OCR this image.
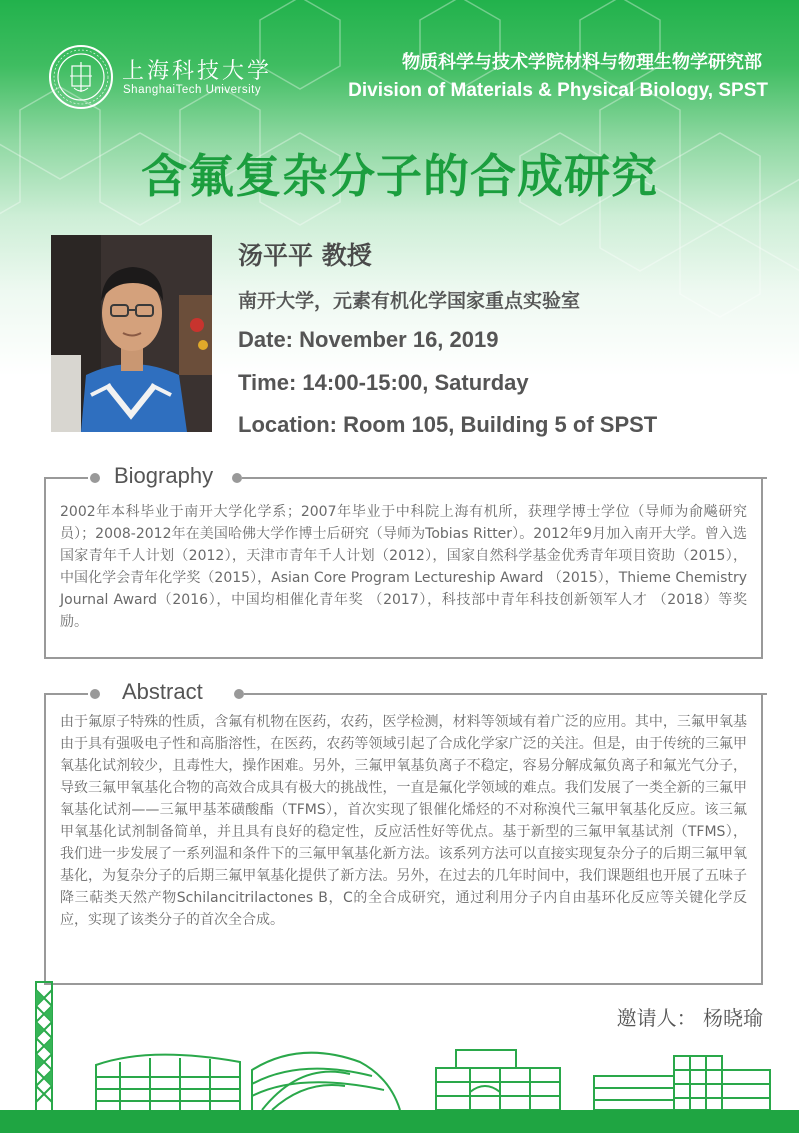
上海科技大学
ShanghaiTech University
物质科学与技术学院材料与物理生物学研究部
Division of Materials & Physical Biology, SPST
含氟复杂分子的合成研究
汤平平 教授
南开大学，元素有机化学国家重点实验室
Date: November 16, 2019
Time: 14:00-15:00, Saturday
Location: Room 105, Building 5 of SPST
Biography

2002年本科毕业于南开大学化学系；2007年毕业于中科院上海有机所，获理学博士学位（导师为俞飚研究员）；2008-2012年在美国哈佛大学作博士后研究（导师为Tobias Ritter）。2012年9月加入南开大学。曾入选国家青年千人计划（2012），天津市青年千人计划（2012），国家自然科学基金优秀青年项目资助（2015），中国化学会青年化学奖（2015），Asian Core Program Lectureship Award （2015），Thieme Chemistry Journal Award（2016），中国均相催化青年奖 （2017），科技部中青年科技创新领军人才 （2018）等奖励。

Abstract

由于氟原子特殊的性质，含氟有机物在医药，农药，医学检测，材料等领域有着广泛的应用。其中，三氟甲氧基由于具有强吸电子性和高脂溶性，在医药，农药等领域引起了合成化学家广泛的关注。但是，由于传统的三氟甲氧基化试剂较少，且毒性大，操作困难。另外，三氟甲氧基负离子不稳定，容易分解成氟负离子和氟光气分子，导致三氟甲氧基化合物的高效合成具有极大的挑战性，一直是氟化学领域的难点。我们发展了一类全新的三氟甲氧基化试剂——三氟甲基苯磺酸酯（TFMS），首次实现了银催化烯烃的不对称溴代三氟甲氧基化反应。该三氟甲氧基化试剂制备简单，并且具有良好的稳定性，反应活性好等优点。基于新型的三氟甲氧基试剂（TFMS），我们进一步发展了一系列温和条件下的三氟甲氧基化新方法。该系列方法可以直接实现复杂分子的后期三氟甲氧基化，为复杂分子的后期三氟甲氧基化提供了新方法。另外，在过去的几年时间中，我们课题组也开展了五味子降三萜类天然产物Schilancitrilactones B，C的全合成研究，通过利用分子内自由基环化反应等关键化学反应，实现了该类分子的首次全合成。

邀请人： 杨晓瑜
